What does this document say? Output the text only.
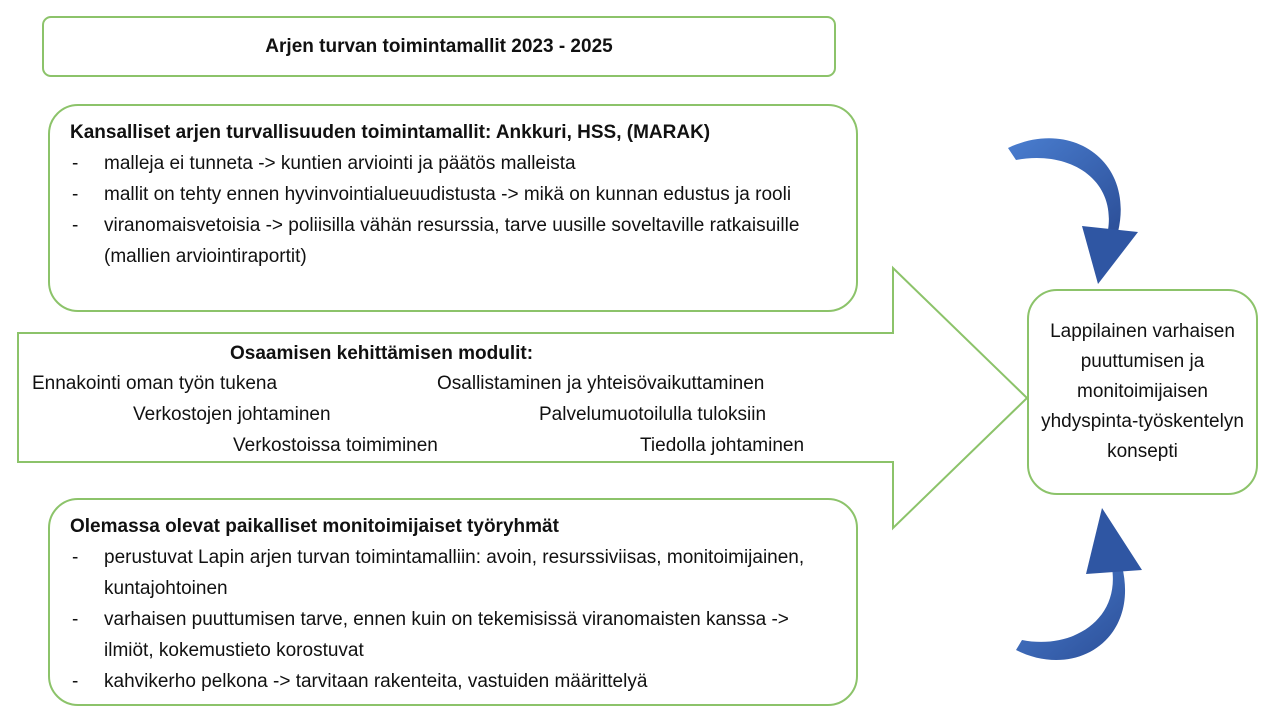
Arjen turvan toimintamallit 2023 - 2025
Kansalliset arjen turvallisuuden toimintamallit: Ankkuri, HSS, (MARAK)
- malleja ei tunneta -> kuntien arviointi ja päätös malleista
- mallit on tehty ennen hyvinvointialueuudistusta -> mikä on kunnan edustus ja rooli
- viranomaisvetoisia -> poliisilla vähän resurssia, tarve uusille soveltaville ratkaisuille (mallien arviointiraportit)
Osaamisen kehittämisen modulit:
Ennakointi oman työn tukena	Osallistaminen ja yhteisövaikuttaminen
Verkostojen johtaminen	Palvelumuotoilulla tuloksiin
Verkostoissa toimiminen	Tiedolla johtaminen
Olemassa olevat paikalliset monitoimijaiset työryhmät
- perustuvat Lapin arjen turvan toimintamalliin: avoin, resurssiviisas, monitoimijainen, kuntajohtoinen
- varhaisen puuttumisen tarve, ennen kuin on tekemisissä viranomaisten kanssa -> ilmiöt, kokemustieto korostuvat
- kahvikerho pelkona -> tarvitaan rakenteita, vastuiden määrittelyä
Lappilainen varhaisen puuttumisen ja monitoimijaisen yhdyspinta-työskentelyn konsepti
